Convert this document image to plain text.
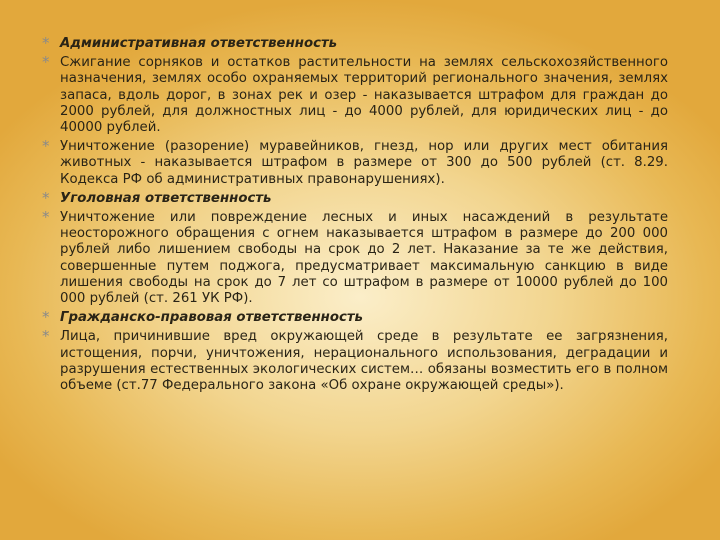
* Административная ответственность
* Сжигание сорняков и остатков растительности на землях сельскохозяйственного назначения, землях особо охраняемых территорий регионального значения, землях запаса, вдоль дорог, в зонах рек и озер - наказывается штрафом для граждан до 2000 рублей, для должностных лиц - до 4000 рублей, для юридических лиц - до 40000 рублей.
* Уничтожение (разорение) муравейников, гнезд, нор или других мест обитания животных - наказывается штрафом в размере от 300 до 500 рублей (ст. 8.29. Кодекса РФ об административных правонарушениях).
* Уголовная ответственность
* Уничтожение или повреждение лесных и иных насаждений в результате неосторожного обращения с огнем наказывается штрафом в размере до 200 000 рублей либо лишением свободы на срок до 2 лет. Наказание за те же действия, совершенные путем поджога, предусматривает максимальную санкцию в виде лишения свободы на срок до 7 лет со штрафом в размере от 10000 рублей до 100 000 рублей (ст. 261 УК РФ).
* Гражданско-правовая ответственность
* Лица, причинившие вред окружающей среде в результате ее загрязнения, истощения, порчи, уничтожения, нерационального использования, деградации и разрушения естественных экологических систем… обязаны возместить его в полном объеме (ст.77 Федерального закона «Об охране окружающей среды»).
